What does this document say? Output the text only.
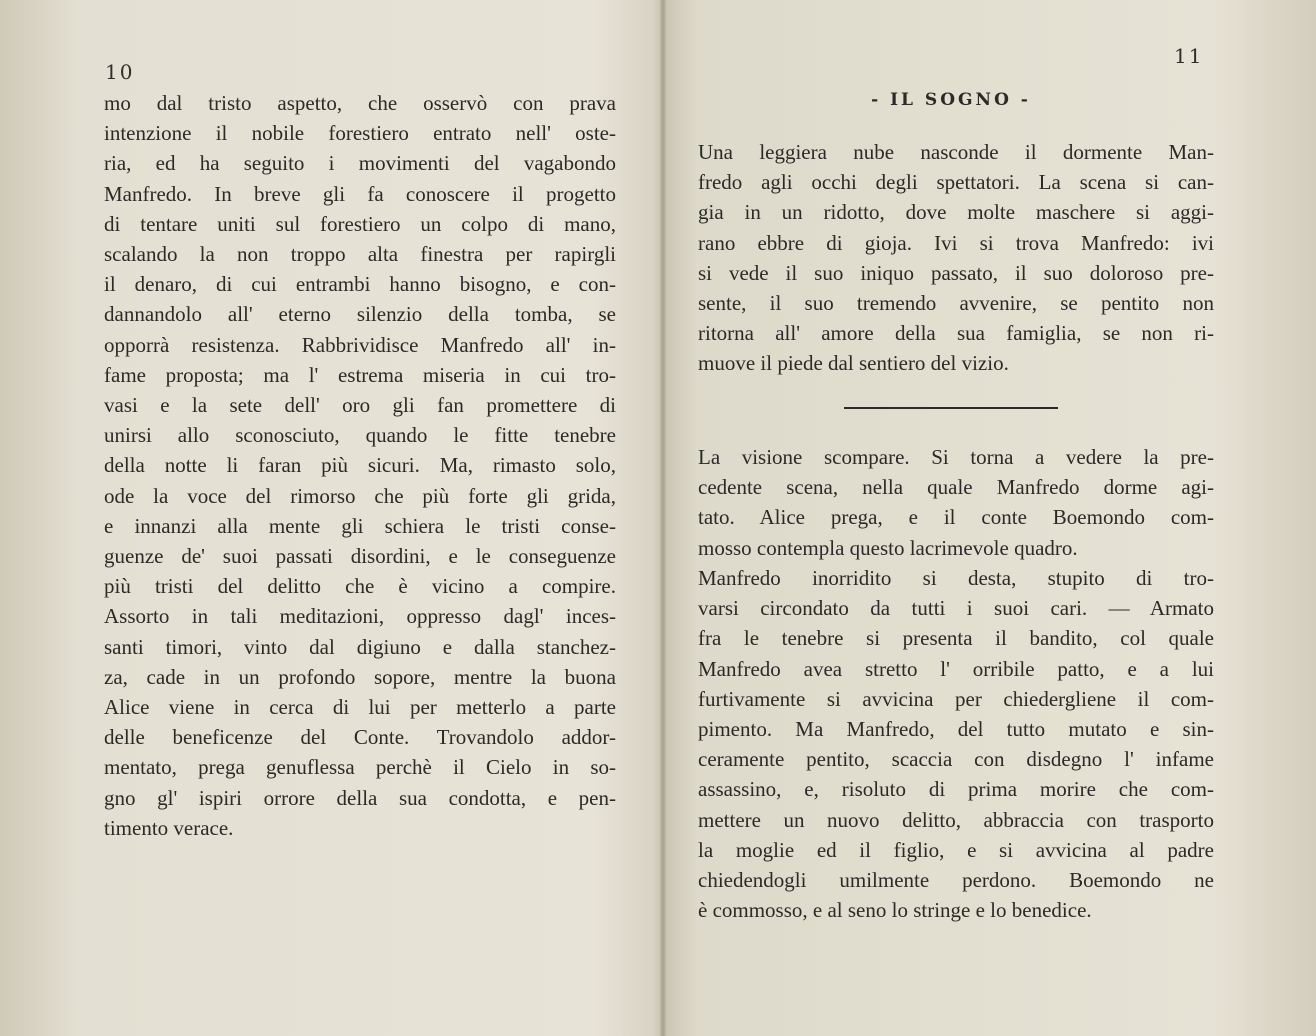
10
mo dal tristo aspetto, che osservò con prava
intenzione il nobile forestiero entrato nell' oste-
ria, ed ha seguito i movimenti del vagabondo
Manfredo. In breve gli fa conoscere il progetto
di tentare uniti sul forestiero un colpo di mano,
scalando la non troppo alta finestra per rapirgli
il denaro, di cui entrambi hanno bisogno, e con-
dannandolo all' eterno silenzio della tomba, se
opporrà resistenza. Rabbrividisce Manfredo all' in-
fame proposta; ma l' estrema miseria in cui tro-
vasi e la sete dell' oro gli fan promettere di
unirsi allo sconosciuto, quando le fitte tenebre
della notte li faran più sicuri. Ma, rimasto solo,
ode la voce del rimorso che più forte gli grida,
e innanzi alla mente gli schiera le tristi conse-
guenze de' suoi passati disordini, e le conseguenze
più tristi del delitto che è vicino a compire.
Assorto in tali meditazioni, oppresso dagl' inces-
santi timori, vinto dal digiuno e dalla stanchez-
za, cade in un profondo sopore, mentre la buona
Alice viene in cerca di lui per metterlo a parte
delle beneficenze del Conte. Trovandolo addor-
mentato, prega genuflessa perchè il Cielo in so-
gno gl' ispiri orrore della sua condotta, e pen-
timento verace.
11
- IL SOGNO -
Una leggiera nube nasconde il dormente Man-
fredo agli occhi degli spettatori. La scena si can-
gia in un ridotto, dove molte maschere si aggi-
rano ebbre di gioja. Ivi si trova Manfredo: ivi
si vede il suo iniquo passato, il suo doloroso pre-
sente, il suo tremendo avvenire, se pentito non
ritorna all' amore della sua famiglia, se non ri-
muove il piede dal sentiero del vizio.
La visione scompare. Si torna a vedere la pre-
cedente scena, nella quale Manfredo dorme agi-
tato. Alice prega, e il conte Boemondo com-
mosso contempla questo lacrimevole quadro.
Manfredo inorridito si desta, stupito di tro-
varsi circondato da tutti i suoi cari. — Armato
fra le tenebre si presenta il bandito, col quale
Manfredo avea stretto l' orribile patto, e a lui
furtivamente si avvicina per chiedergliene il com-
pimento. Ma Manfredo, del tutto mutato e sin-
ceramente pentito, scaccia con disdegno l' infame
assassino, e, risoluto di prima morire che com-
mettere un nuovo delitto, abbraccia con trasporto
la moglie ed il figlio, e si avvicina al padre
chiedendogli umilmente perdono. Boemondo ne
è commosso, e al seno lo stringe e lo benedice.
